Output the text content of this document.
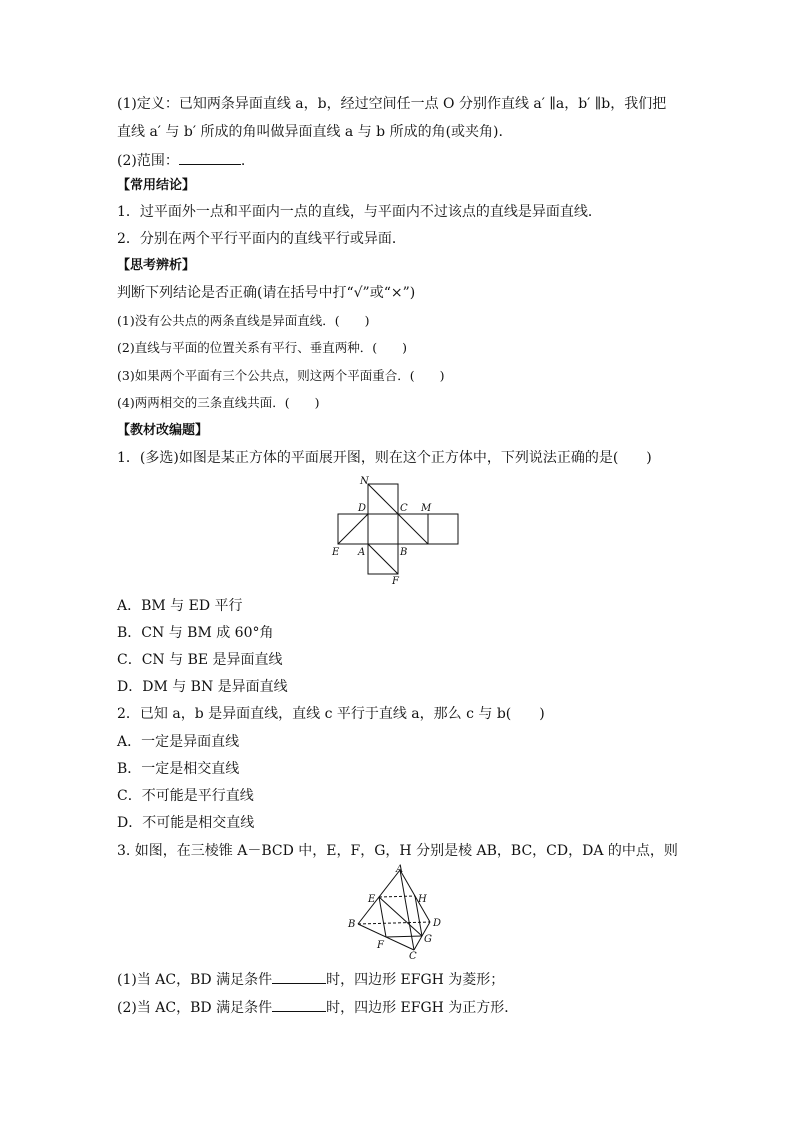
(1)定义：已知两条异面直线 a，b，经过空间任一点 O 分别作直线 a′ ∥a，b′ ∥b，我们把
直线 a′ 与 b′ 所成的角叫做异面直线 a 与 b 所成的角(或夹角).
(2)范围：	.
【常用结论】
1．过平面外一点和平面内一点的直线，与平面内不过该点的直线是异面直线．
2．分别在两个平行平面内的直线平行或异面．
【思考辨析】
判断下列结论是否正确(请在括号中打“√”或“×”)
(1)没有公共点的两条直线是异面直线．(　　)
(2)直线与平面的位置关系有平行、垂直两种．(　　)
(3)如果两个平面有三个公共点，则这两个平面重合．(　　)
(4)两两相交的三条直线共面．(　　)
【教材改编题】
1．(多选)如图是某正方体的平面展开图，则在这个正方体中，下列说法正确的是(　　)
N
D	C M
E A	B
F
A．BM 与 ED 平行
B．CN 与 BM 成 60°角
C．CN 与 BE 是异面直线
D．DM 与 BN 是异面直线
2．已知 a，b 是异面直线，直线 c 平行于直线 a，那么 c 与 b(　　)
A．一定是异面直线
B．一定是相交直线
C．不可能是平行直线
D．不可能是相交直线
3. 如图，在三棱锥 A－BCD 中，E，F，G，H 分别是棱 AB，BC，CD，DA 的中点，则
A
E	H
B	D
F
G
C
(1)当 AC，BD 满足条件	时，四边形 EFGH 为菱形；
(2)当 AC，BD 满足条件	时，四边形 EFGH 为正方形．
